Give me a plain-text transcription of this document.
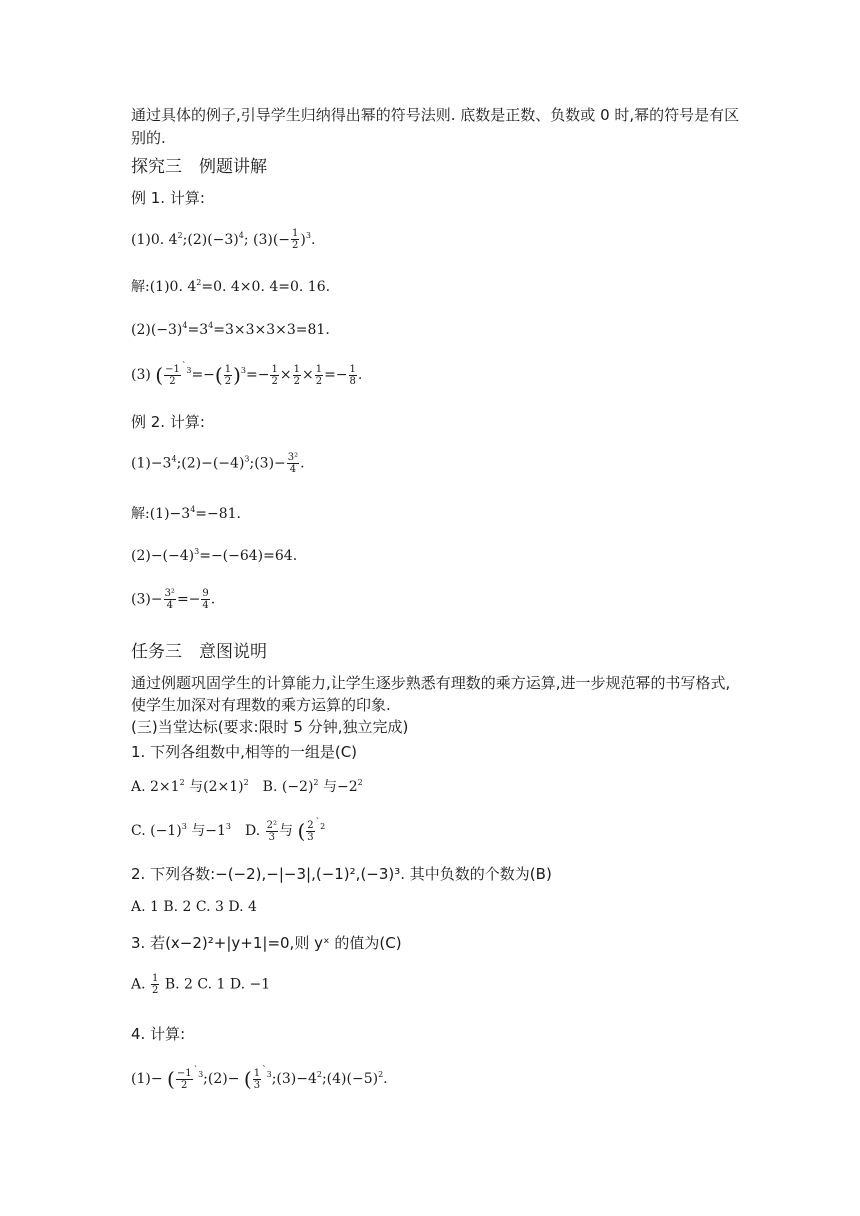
通过具体的例子,引导学生归纳得出幂的符号法则. 底数是正数、负数或 0 时,幂的符号是有区
别的.
探究三　例题讲解
例 1. 计算:
(1)0. $4^2;(2)(-3)^4$; $(3)(- \frac{1}{2} )^3$.
解:(1)0. $4^2=0$. 4×0. 4=0. 16.
$(2)(-3)^4=3^4=3\times 3\times 3\times 3=81$.
(3) ( $\frac{-1}{2} ^{`3}=-( \frac{1}{2} )^3=- \frac{1}{2} \times \frac{1}{2} \times \frac{1}{2} =- \frac{1}{8}$ .
例 2. 计算:
$(1)-3^4;(2)-(-4)^3;(3)- \frac{\text{3²}}{4}$ .
解$:(1)-3^4=-81$.
$(2)-(-4)^3=-(-64)=64$.
$(3)- \frac{\text{3²}}{4} =- \frac{9}{4}$ .
任务三　意图说明
通过例题巩固学生的计算能力,让学生逐步熟悉有理数的乘方运算,进一步规范幂的书写格式,
使学生加深对有理数的乘方运算的印象.
(三)当堂达标(要求:限时 5 分钟,独立完成)
1. 下列各组数中,相等的一组是(C)
A. $2\times 1^2$ 与$(2\times 1)^2$　B. $(-2)^2$ 与$-2^2$
C. $(-1)^3$ 与$-1^3$　D. $\frac{\text{2²}}{3}$ 与 ( $\frac{2}{3} ^{`2}$
2. 下列各数:−(−2),−|−3|,(−1)²,(−3)³. 其中负数的个数为(B)
A. 1 B. 2 C. 3 D. 4
3. 若(x−2)²+|y+1|=0,则 yˣ 的值为(C)
A. $\frac{1}{2} B$. 2 C. 1 D. −1
4. 计算:
(1)− ( $\frac{-1}{2}$ $^{`3}$;(2)− ( $\frac{1}{3}$ $^{`3};(3)-4^2;(4)(-5)^2$.
